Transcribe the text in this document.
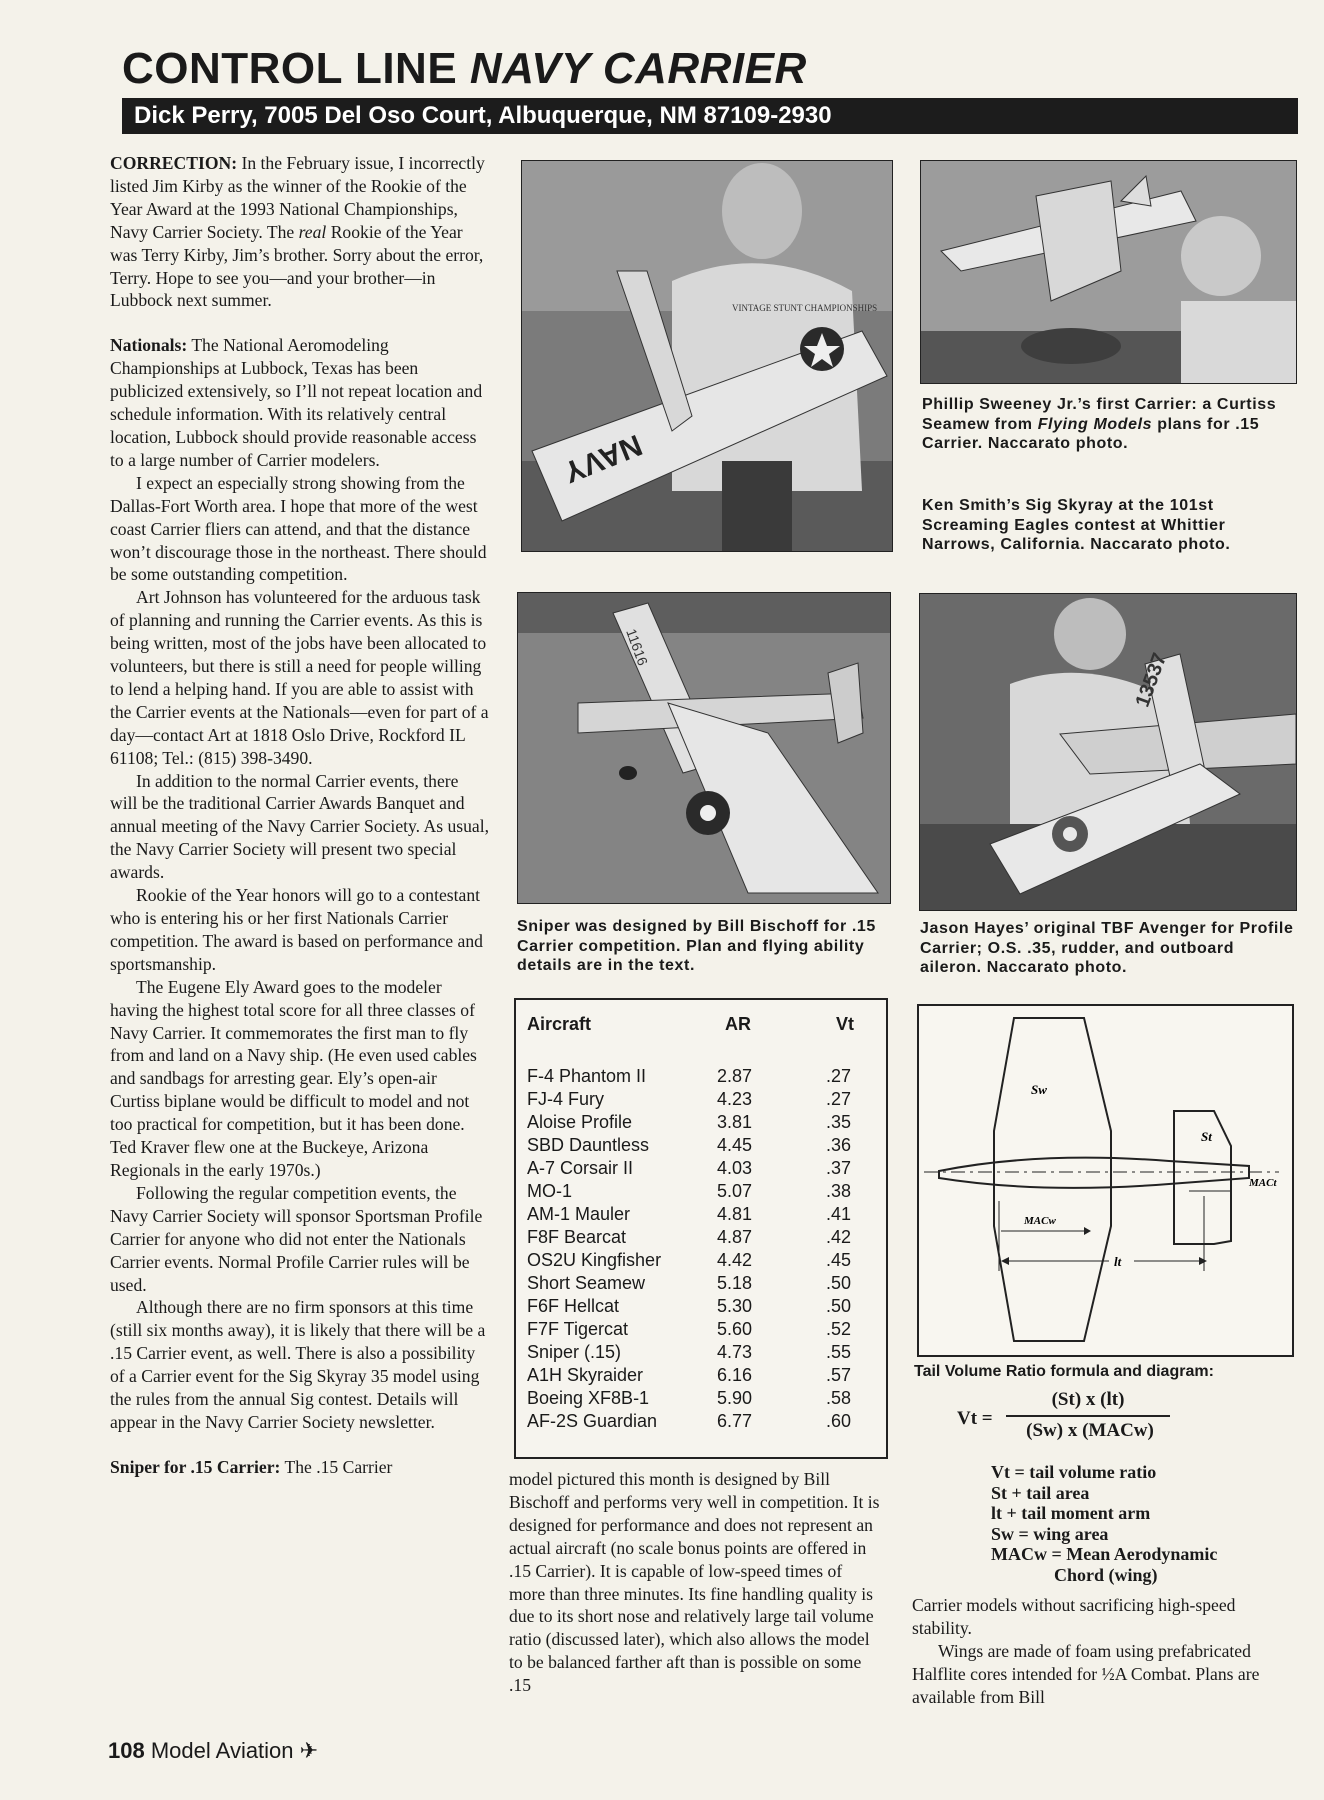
CONTROL LINE NAVY CARRIER
Dick Perry, 7005 Del Oso Court, Albuquerque, NM 87109-2930

CORRECTION: In the February issue, I incorrectly listed Jim Kirby as the winner of the Rookie of the Year Award at the 1993 National Championships, Navy Carrier Society. The real Rookie of the Year was Terry Kirby, Jim’s brother. Sorry about the error, Terry. Hope to see you—and your brother—in Lubbock next summer.

Nationals: The National Aeromodeling Championships at Lubbock, Texas has been publicized extensively, so I’ll not repeat location and schedule information. With its relatively central location, Lubbock should provide reasonable access to a large number of Carrier modelers.

I expect an especially strong showing from the Dallas-Fort Worth area. I hope that more of the west coast Carrier fliers can attend, and that the distance won’t discourage those in the northeast. There should be some outstanding competition.

Art Johnson has volunteered for the arduous task of planning and running the Carrier events. As this is being written, most of the jobs have been allocated to volunteers, but there is still a need for people willing to lend a helping hand. If you are able to assist with the Carrier events at the Nationals—even for part of a day—contact Art at 1818 Oslo Drive, Rockford IL 61108; Tel.: (815) 398-3490.

In addition to the normal Carrier events, there will be the traditional Carrier Awards Banquet and annual meeting of the Navy Carrier Society. As usual, the Navy Carrier Society will present two special awards.

Rookie of the Year honors will go to a contestant who is entering his or her first Nationals Carrier competition. The award is based on performance and sportsmanship.

The Eugene Ely Award goes to the modeler having the highest total score for all three classes of Navy Carrier. It commemorates the first man to fly from and land on a Navy ship. (He even used cables and sandbags for arresting gear. Ely’s open-air Curtiss biplane would be difficult to model and not too practical for competition, but it has been done. Ted Kraver flew one at the Buckeye, Arizona Regionals in the early 1970s.)

Following the regular competition events, the Navy Carrier Society will sponsor Sportsman Profile Carrier for anyone who did not enter the Nationals Carrier events. Normal Profile Carrier rules will be used.

Although there are no firm sponsors at this time (still six months away), it is likely that there will be a .15 Carrier event, as well. There is also a possibility of a Carrier event for the Sig Skyray 35 model using the rules from the annual Sig contest. Details will appear in the Navy Carrier Society newsletter.

Sniper for .15 Carrier: The .15 Carrier

VINTAGE STUNT CHAMPIONSHIPS
NAVY
Phillip Sweeney Jr.’s first Carrier: a Curtiss Seamew from Flying Models plans for .15 Carrier. Naccarato photo.
Ken Smith’s Sig Skyray at the 101st Screaming Eagles contest at Whittier Narrows, California. Naccarato photo.
11616
13537
Sniper was designed by Bill Bischoff for .15 Carrier competition. Plan and flying ability details are in the text.
Jason Hayes’ original TBF Avenger for Profile Carrier; O.S. .35, rudder, and outboard aileron. Naccarato photo.
Aircraft	AR	Vt
F-4 Phantom II	2.87	.27
FJ-4 Fury	4.23	.27
Aloise Profile	3.81	.35
SBD Dauntless	4.45	.36
A-7 Corsair II	4.03	.37
MO-1	5.07	.38
AM-1 Mauler	4.81	.41
F8F Bearcat	4.87	.42
OS2U Kingfisher	4.42	.45
Short Seamew	5.18	.50
F6F Hellcat	5.30	.50
F7F Tigercat	5.60	.52
Sniper (.15)	4.73	.55
A1H Skyraider	6.16	.57
Boeing XF8B-1	5.90	.58
AF-2S Guardian	6.77	.60
Sw
St
MACw
MACt
lt
Tail Volume Ratio formula and diagram:
Vt =
(St) x (lt)
(Sw) x (MACw)
Vt = tail volume ratio
St + tail area
lt + tail moment arm
Sw = wing area
MACw = Mean Aerodynamic
Chord (wing)

model pictured this month is designed by Bill Bischoff and performs very well in competition. It is designed for performance and does not represent an actual aircraft (no scale bonus points are offered in .15 Carrier). It is capable of low-speed times of more than three minutes. Its fine handling quality is due to its short nose and relatively large tail volume ratio (discussed later), which also allows the model to be balanced farther aft than is possible on some .15

Carrier models without sacrificing high-speed stability.

Wings are made of foam using prefabricated Halflite cores intended for ½A Combat. Plans are available from Bill

108 Model Aviation ✈
